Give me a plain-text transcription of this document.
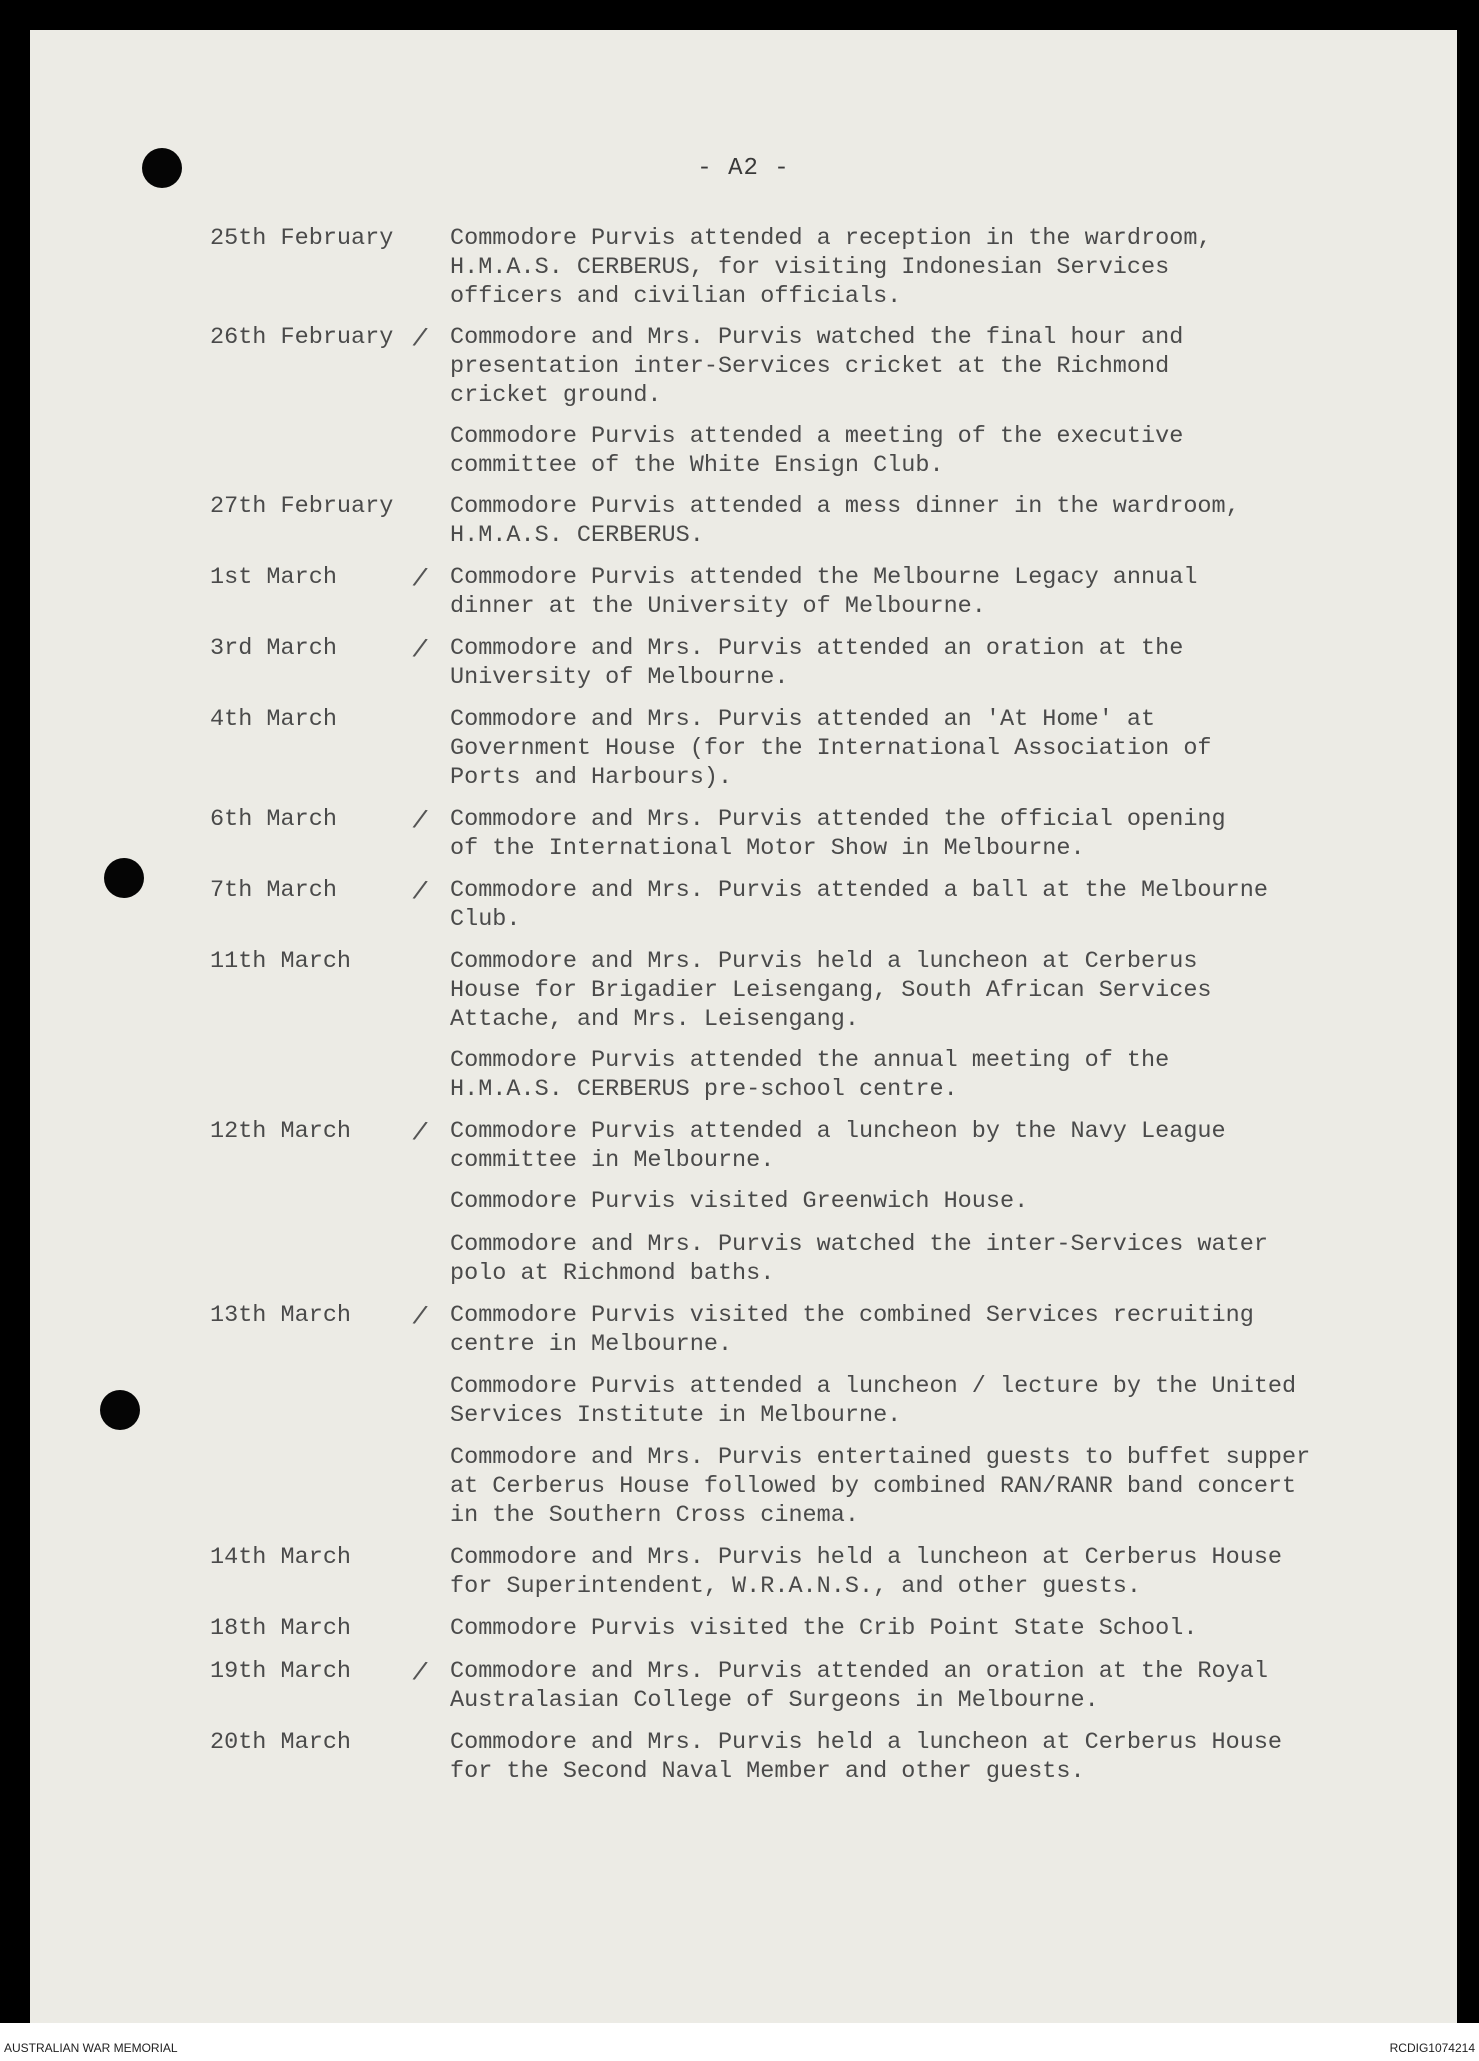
- A2 -
25th February Commodore Purvis attended a reception in the wardroom,
H.M.A.S. CERBERUS, for visiting Indonesian Services
officers and civilian officials.
26th February / Commodore and Mrs. Purvis watched the final hour and
presentation inter-Services cricket at the Richmond
cricket ground.
Commodore Purvis attended a meeting of the executive
committee of the White Ensign Club.
27th February Commodore Purvis attended a mess dinner in the wardroom,
H.M.A.S. CERBERUS.
1st March	/ Commodore Purvis attended the Melbourne Legacy annual
dinner at the University of Melbourne.
3rd March	/ Commodore and Mrs. Purvis attended an oration at the
University of Melbourne.
4th March	Commodore and Mrs. Purvis attended an 'At Home' at
Government House (for the International Association of
Ports and Harbours).
6th March	/ Commodore and Mrs. Purvis attended the official opening
of the International Motor Show in Melbourne.
7th March	/ Commodore and Mrs. Purvis attended a ball at the Melbourne
Club.
11th March	Commodore and Mrs. Purvis held a luncheon at Cerberus
House for Brigadier Leisengang, South African Services
Attache, and Mrs. Leisengang.
Commodore Purvis attended the annual meeting of the
H.M.A.S. CERBERUS pre-school centre.
12th March / Commodore Purvis attended a luncheon by the Navy League
committee in Melbourne.
Commodore Purvis visited Greenwich House.
Commodore and Mrs. Purvis watched the inter-Services water
polo at Richmond baths.
13th March / Commodore Purvis visited the combined Services recruiting
centre in Melbourne.
Commodore Purvis attended a luncheon / lecture by the United
Services Institute in Melbourne.
Commodore and Mrs. Purvis entertained guests to buffet supper
at Cerberus House followed by combined RAN/RANR band concert
in the Southern Cross cinema.
14th March	Commodore and Mrs. Purvis held a luncheon at Cerberus House
for Superintendent, W.R.A.N.S., and other guests.
18th March	Commodore Purvis visited the Crib Point State School.
19th March / Commodore and Mrs. Purvis attended an oration at the Royal
Australasian College of Surgeons in Melbourne.
20th March	Commodore and Mrs. Purvis held a luncheon at Cerberus House
for the Second Naval Member and other guests.
AUSTRALIAN WAR MEMORIAL	RCDIG1074214
